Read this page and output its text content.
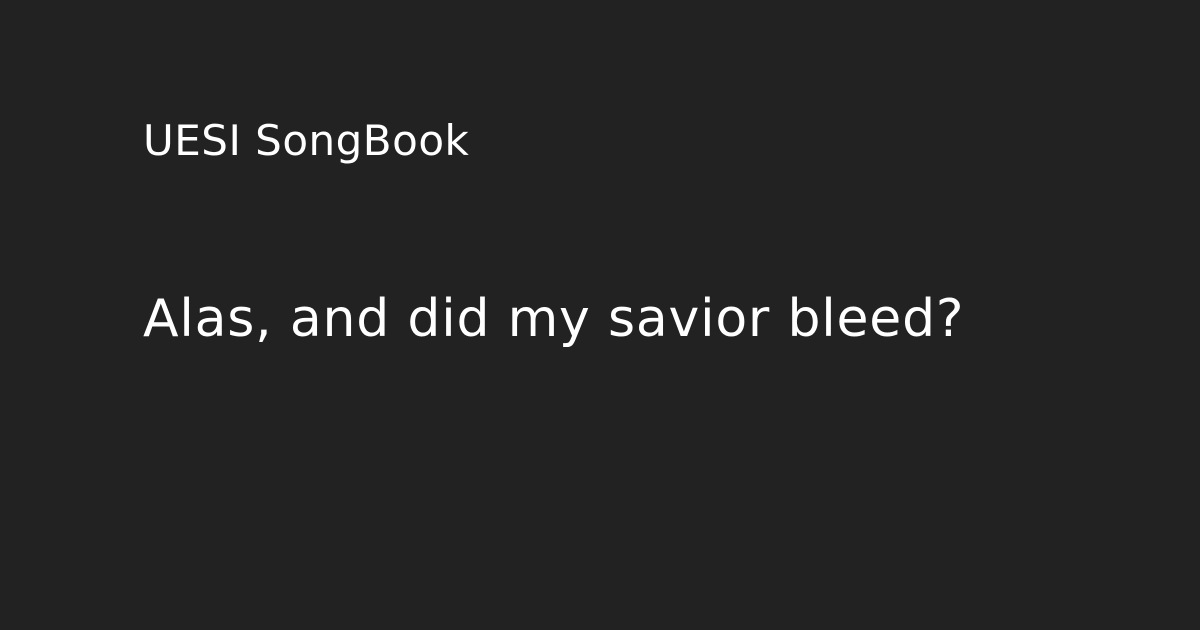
UESI SongBook
Alas, and did my savior bleed?
